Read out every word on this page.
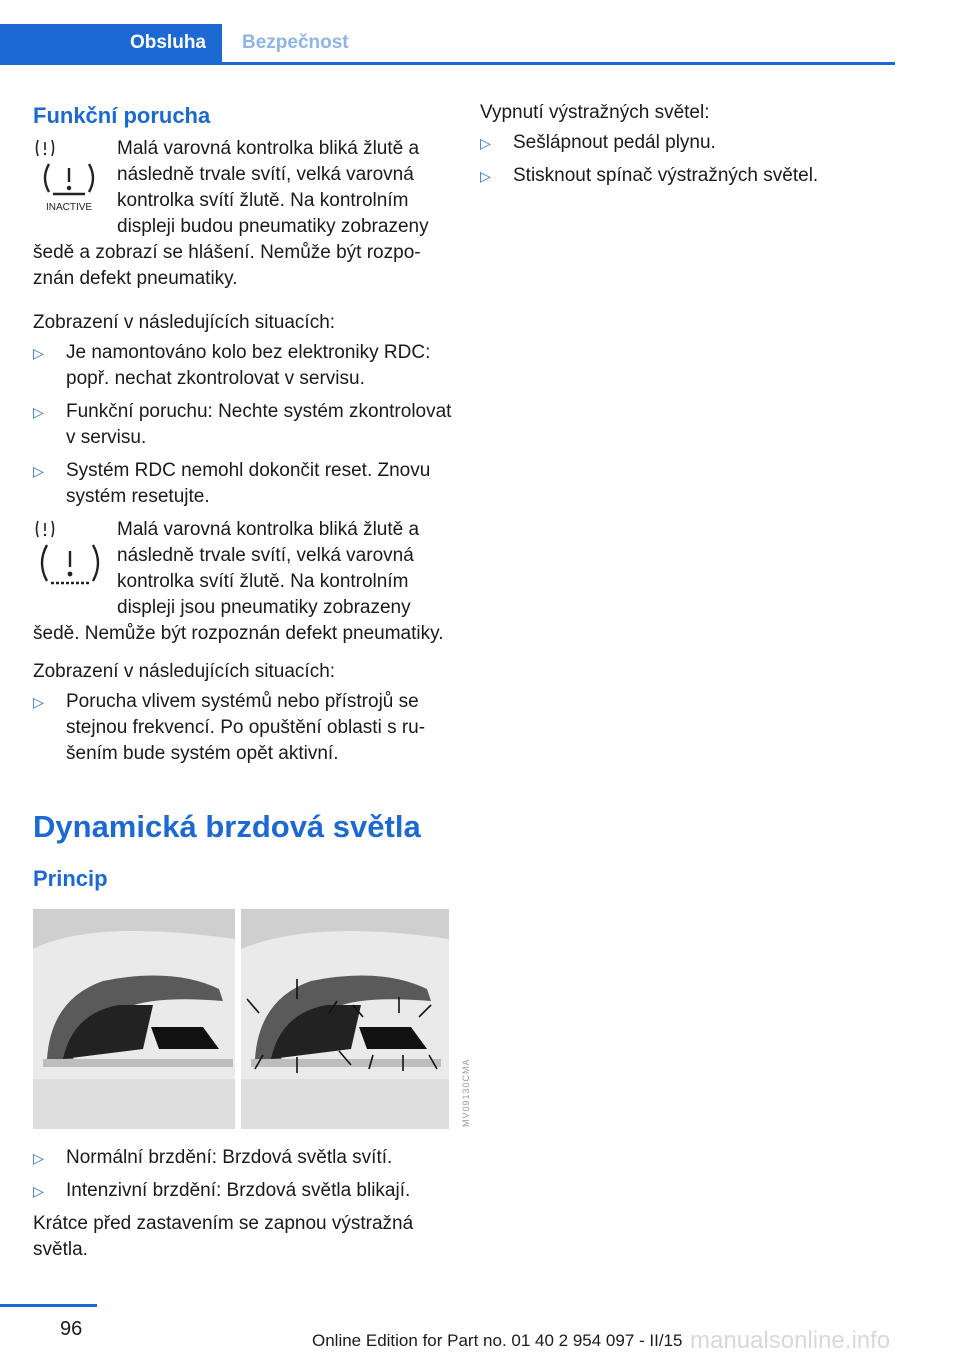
Obsluha	Bezpečnost
Funkční porucha
INACTIVE

Malá varovná kontrolka bliká žlutě a následně trvale svítí, velká varovná kontrolka svítí žlutě. Na kontrolním displeji budou pneumatiky zobrazeny šedě a zobrazí se hlášení. Nemůže být rozpoznán defekt pneumatiky.

Zobrazení v následujících situacích:

▷ Je namontováno kolo bez elektroniky RDC: popř. nechat zkontrolovat v servisu.
▷ Funkční poruchu: Nechte systém zkontrolovat v servisu.
▷ Systém RDC nemohl dokončit reset. Znovu systém resetujte.

Malá varovná kontrolka bliká žlutě a následně trvale svítí, velká varovná kontrolka svítí žlutě. Na kontrolním displeji jsou pneumatiky zobrazeny šedě. Nemůže být rozpoznán defekt pneumatiky.

Zobrazení v následujících situacích:

▷ Porucha vlivem systémů nebo přístrojů se stejnou frekvencí. Po opuštění oblasti s rušením bude systém opět aktivní.
Dynamická brzdová světla
Princip
MV09130CMA
▷ Normální brzdění: Brzdová světla svítí.
▷ Intenzivní brzdění: Brzdová světla blikají.

Krátce před zastavením se zapnou výstražná světla.

Vypnutí výstražných světel:

▷ Sešlápnout pedál plynu.
▷ Stisknout spínač výstražných světel.
96
Online Edition for Part no. 01 40 2 954 097 - II/15 manualsonline.info
